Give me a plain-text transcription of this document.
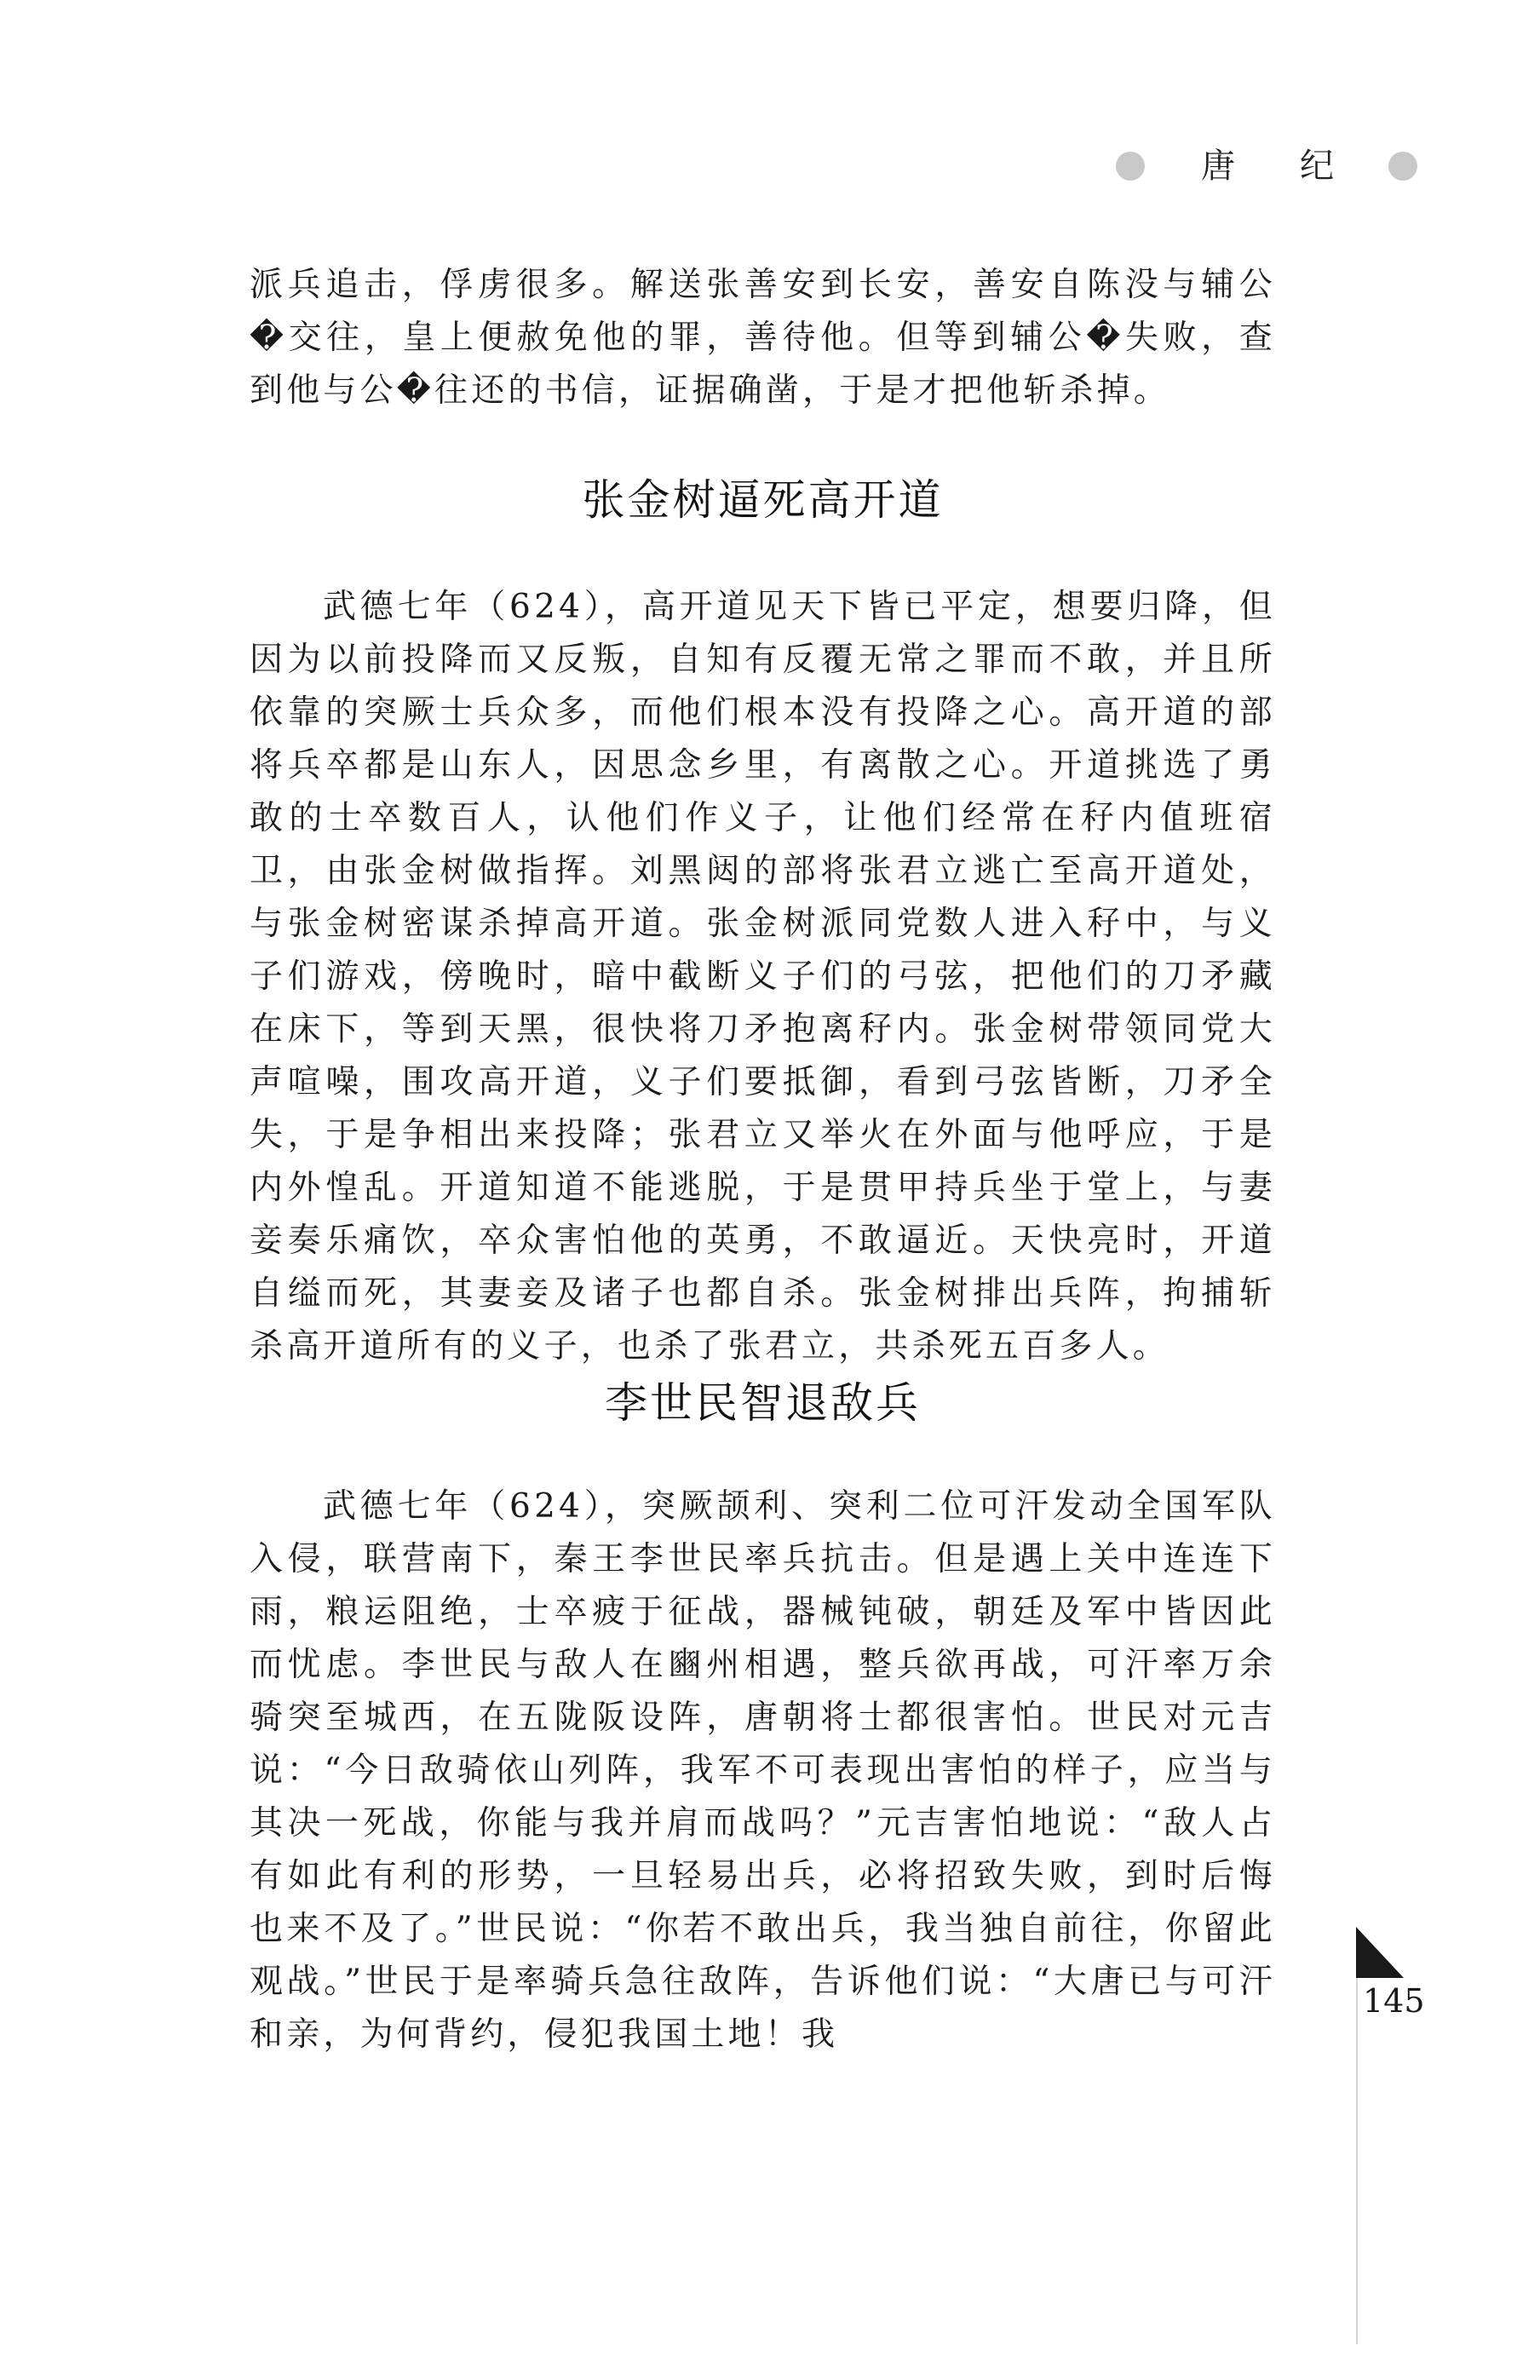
唐 纪

派兵追击，俘虏很多。解送张善安到长安，善安自陈没与辅公�交往，皇上便赦免他的罪，善待他。但等到辅公�失败，查到他与公�往还的书信，证据确凿，于是才把他斩杀掉。

张金树逼死高开道

武德七年（624），高开道见天下皆已平定，想要归降，但因为以前投降而又反叛，自知有反覆无常之罪而不敢，并且所依靠的突厥士兵众多，而他们根本没有投降之心。高开道的部将兵卒都是山东人，因思念乡里，有离散之心。开道挑选了勇敢的士卒数百人，认他们作义子，让他们经常在秄内值班宿卫，由张金树做指挥。刘黑闼的部将张君立逃亡至高开道处，与张金树密谋杀掉高开道。张金树派同党数人进入秄中，与义子们游戏，傍晚时，暗中截断义子们的弓弦，把他们的刀矛藏在床下，等到天黑，很快将刀矛抱离秄内。张金树带领同党大声喧噪，围攻高开道，义子们要抵御，看到弓弦皆断，刀矛全失，于是争相出来投降；张君立又举火在外面与他呼应，于是内外惶乱。开道知道不能逃脱，于是贯甲持兵坐于堂上，与妻妾奏乐痛饮，卒众害怕他的英勇，不敢逼近。天快亮时，开道自缢而死，其妻妾及诸子也都自杀。张金树排出兵阵，拘捕斩杀高开道所有的义子，也杀了张君立，共杀死五百多人。

李世民智退敌兵

武德七年（624），突厥颉利、突利二位可汗发动全国军队入侵，联营南下，秦王李世民率兵抗击。但是遇上关中连连下雨，粮运阻绝，士卒疲于征战，器械钝破，朝廷及军中皆因此而忧虑。李世民与敌人在豳州相遇，整兵欲再战，可汗率万余骑突至城西，在五陇阪设阵，唐朝将士都很害怕。世民对元吉说：“今日敌骑依山列阵，我军不可表现出害怕的样子，应当与其决一死战，你能与我并肩而战吗？”元吉害怕地说：“敌人占有如此有利的形势，一旦轻易出兵，必将招致失败，到时后悔也来不及了。”世民说：“你若不敢出兵，我当独自前往，你留此观战。”世民于是率骑兵急往敌阵，告诉他们说：“大唐已与可汗和亲，为何背约，侵犯我国土地！我

145
